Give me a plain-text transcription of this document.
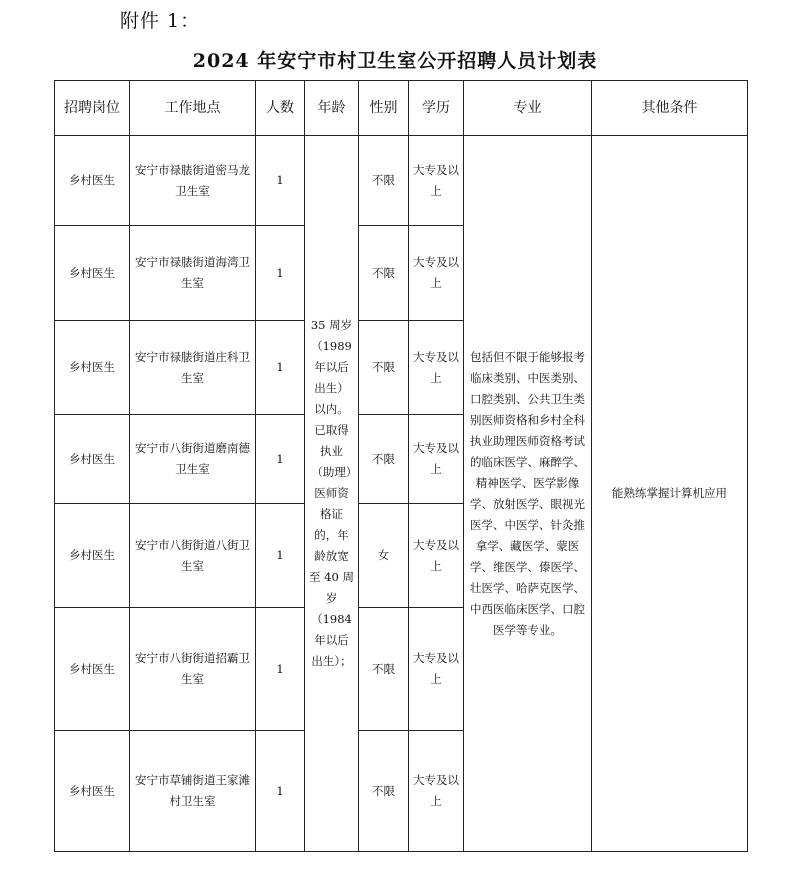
附件 1：
2024 年安宁市村卫生室公开招聘人员计划表
招聘岗位	工作地点	人数	年龄	性别	学历	专业	其他条件
乡村医生	安宁市禄脿街道密马龙卫生室	1	35 周岁（1989 年以后出生）以内。已取得执业（助理）医师资格证的，年龄放宽至 40 周岁（1984 年以后出生）；	不限	大专及以上	包括但不限于能够报考临床类别、中医类别、口腔类别、公共卫生类别医师资格和乡村全科执业助理医师资格考试的临床医学、麻醉学、精神医学、医学影像学、放射医学、眼视光医学、中医学、针灸推拿学、藏医学、蒙医学、维医学、傣医学、壮医学、哈萨克医学、中西医临床医学、口腔医学等专业。	能熟练掌握计算机应用
乡村医生	安宁市禄脿街道海湾卫生室	1		不限	大专及以上		
乡村医生	安宁市禄脿街道庄科卫生室	1		不限	大专及以上		
乡村医生	安宁市八街街道磨南德卫生室	1		不限	大专及以上		
乡村医生	安宁市八街街道八街卫生室	1		女	大专及以上		
乡村医生	安宁市八街街道招霸卫生室	1		不限	大专及以上		
乡村医生	安宁市草铺街道王家滩村卫生室	1		不限	大专及以上		
